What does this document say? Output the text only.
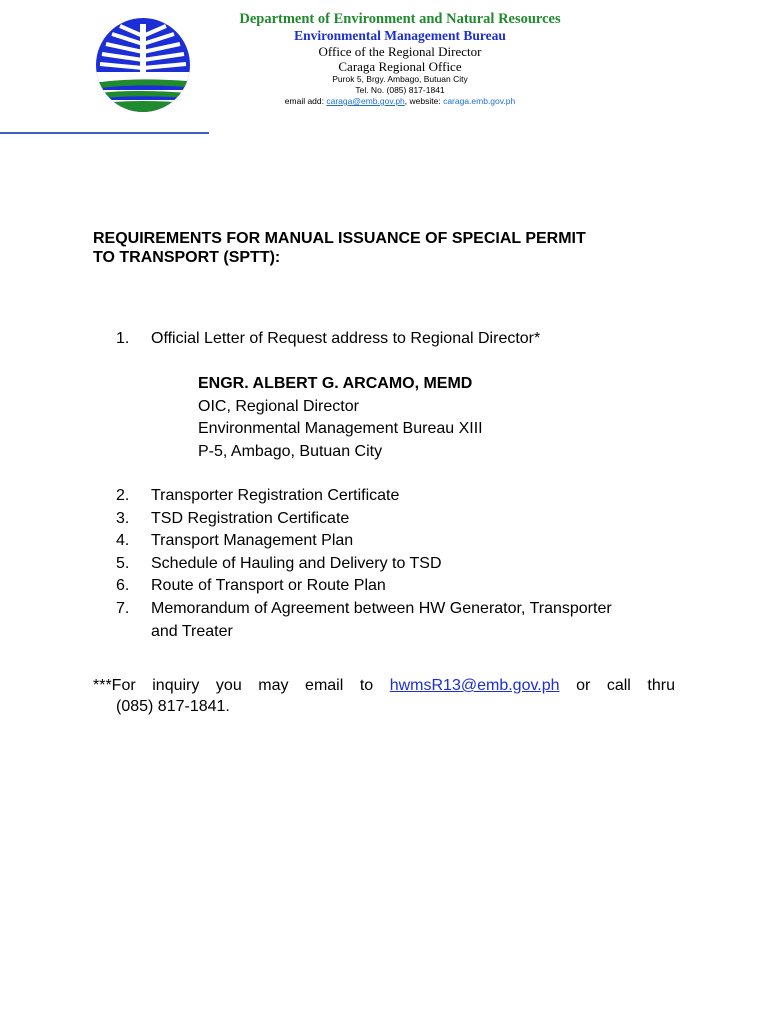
Department of Environment and Natural Resources
Environmental Management Bureau
Office of the Regional Director
Caraga Regional Office
Purok 5, Brgy. Ambago, Butuan City
Tel. No. (085) 817-1841
email add: caraga@emb.gov.ph, website: caraga.emb.gov.ph
REQUIREMENTS FOR MANUAL ISSUANCE OF SPECIAL PERMIT
TO TRANSPORT (SPTT):
1.	Official Letter of Request address to Regional Director*
ENGR. ALBERT G. ARCAMO, MEMD
OIC, Regional Director
Environmental Management Bureau XIII
P-5, Ambago, Butuan City
2.	Transporter Registration Certificate
3.	TSD Registration Certificate
4.	Transport Management Plan
5.	Schedule of Hauling and Delivery to TSD
6.	Route of Transport or Route Plan
7.	Memorandum of Agreement between HW Generator, Transporter
and Treater
***For inquiry you may email to hwmsR13@emb.gov.ph or call thru
(085) 817-1841.
